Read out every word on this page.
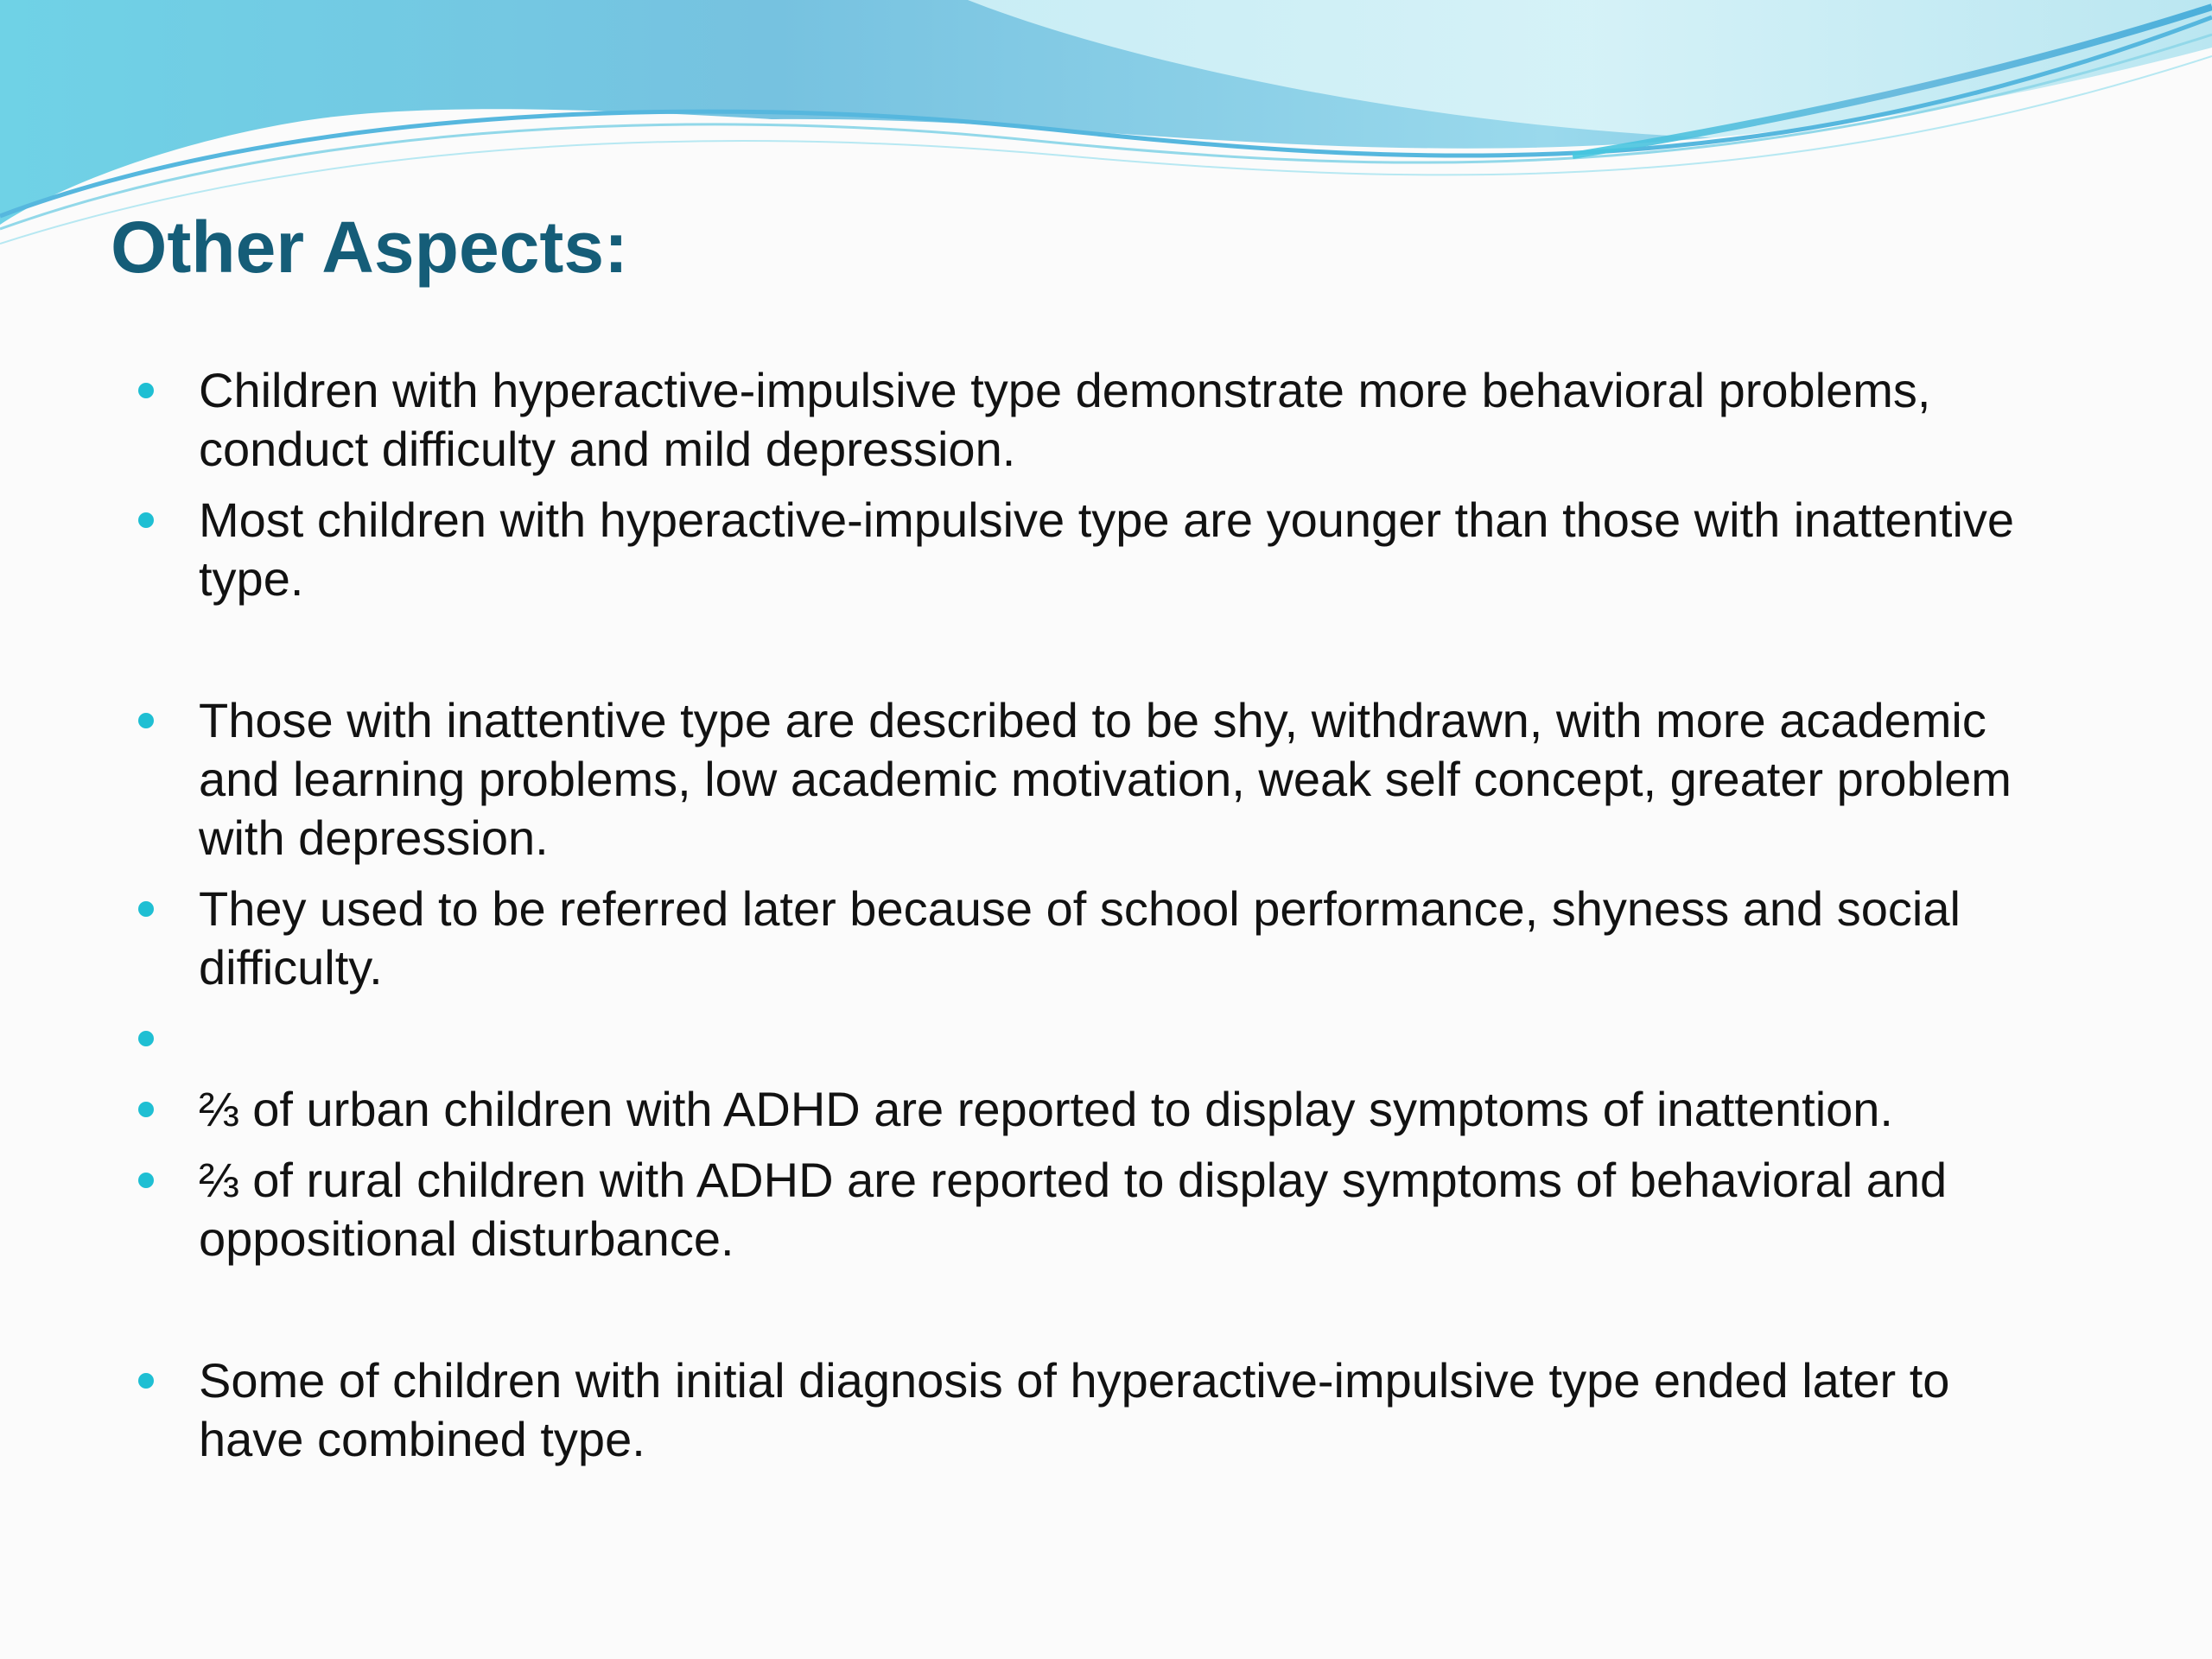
Other Aspects:
Children with hyperactive-impulsive type demonstrate more behavioral problems, conduct difficulty and mild depression.
Most children with hyperactive-impulsive type are younger than those with inattentive type.
Those with inattentive type are described to be shy, withdrawn, with more academic and learning problems, low academic motivation, weak self concept, greater problem with depression.
They used to be referred later because of school performance, shyness and social difficulty.
⅔ of urban children with ADHD are reported to display symptoms of inattention.
⅔ of rural children with ADHD are reported to display symptoms of behavioral and oppositional disturbance.
Some of children with initial diagnosis of hyperactive-impulsive type ended later to have combined type.
